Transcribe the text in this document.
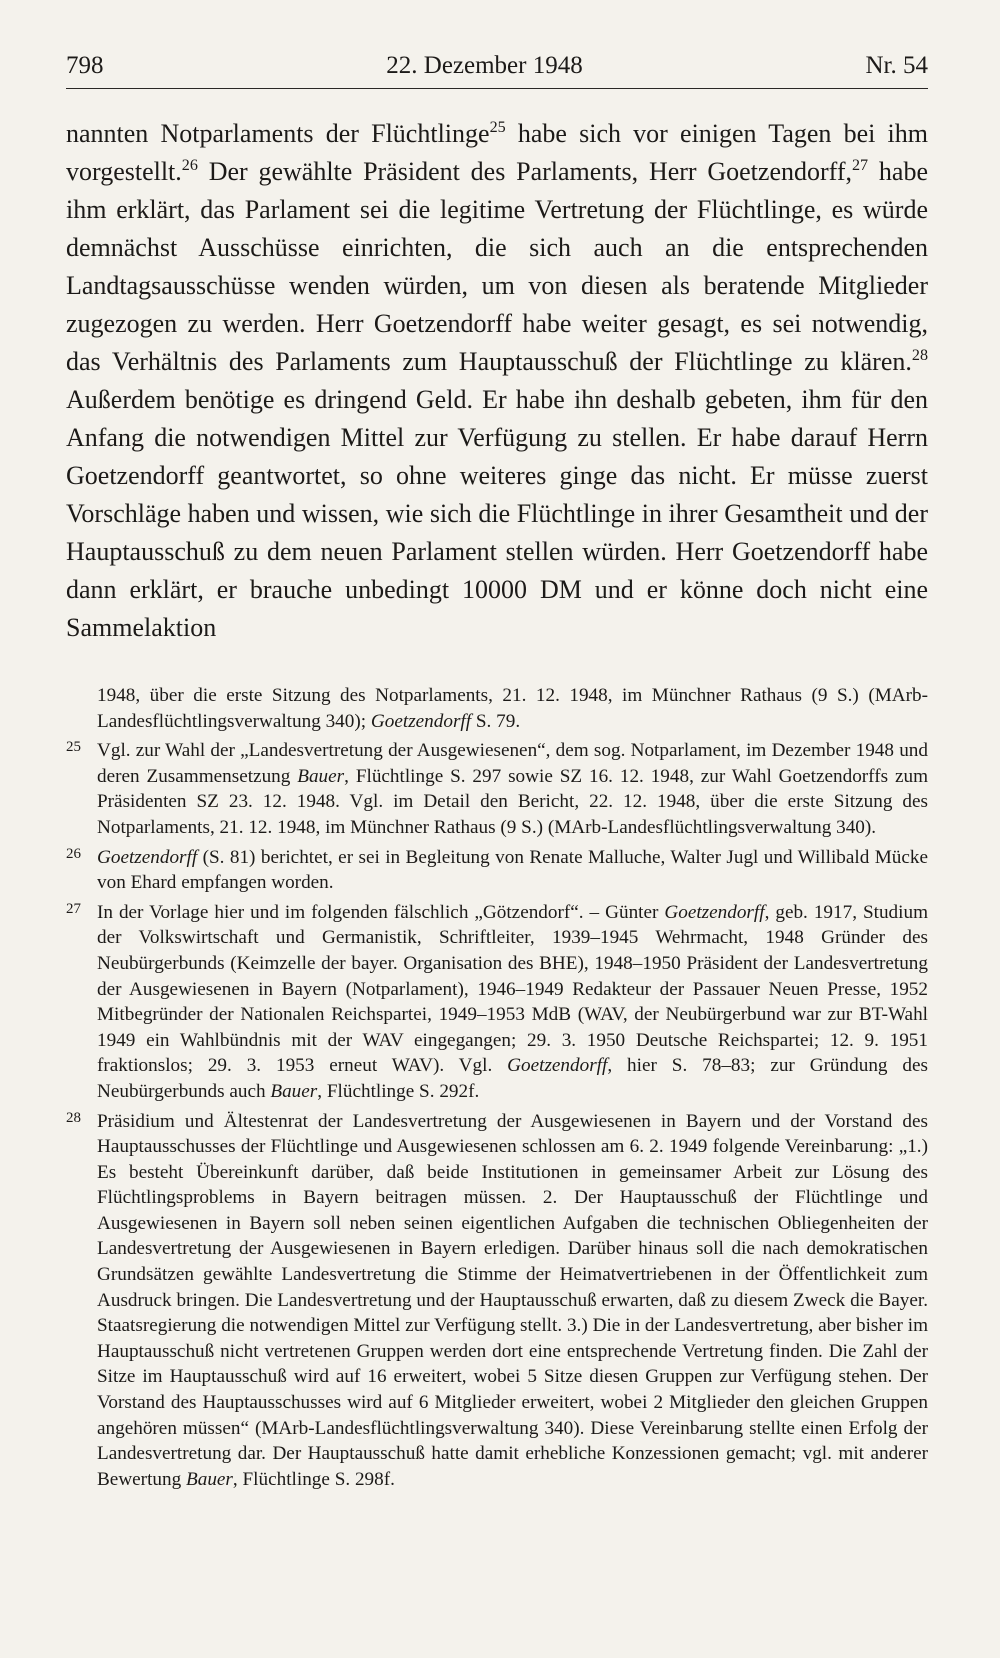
798	22. Dezember 1948	Nr. 54
nannten Notparlaments der Flüchtlinge$^{25}$ habe sich vor einigen Tagen bei ihm vorgestellt.$^{26}$ Der gewählte Präsident des Parlaments, Herr Goetzendorff,$^{27}$ habe ihm erklärt, das Parlament sei die legitime Vertretung der Flüchtlinge, es würde demnächst Ausschüsse einrichten, die sich auch an die entsprechenden Landtagsausschüsse wenden würden, um von diesen als beratende Mitglieder zugezogen zu werden. Herr Goetzendorff habe weiter gesagt, es sei notwendig, das Verhältnis des Parlaments zum Hauptausschuß der Flüchtlinge zu klären.$^{28}$ Außerdem benötige es dringend Geld. Er habe ihn deshalb gebeten, ihm für den Anfang die notwendigen Mittel zur Verfügung zu stellen. Er habe darauf Herrn Goetzendorff geantwortet, so ohne weiteres ginge das nicht. Er müsse zuerst Vorschläge haben und wissen, wie sich die Flüchtlinge in ihrer Gesamtheit und der Hauptausschuß zu dem neuen Parlament stellen würden. Herr Goetzendorff habe dann erklärt, er brauche unbedingt 10000 DM und er könne doch nicht eine Sammelaktion
1948, über die erste Sitzung des Notparlaments, 21. 12. 1948, im Münchner Rathaus (9 S.) (MArb-Landesflüchtlingsverwaltung 340); Goetzendorff S. 79.
25 Vgl. zur Wahl der „Landesvertretung der Ausgewiesenen“, dem sog. Notparlament, im Dezember 1948 und deren Zusammensetzung Bauer, Flüchtlinge S. 297 sowie SZ 16. 12. 1948, zur Wahl Goetzendorffs zum Präsidenten SZ 23. 12. 1948. Vgl. im Detail den Bericht, 22. 12. 1948, über die erste Sitzung des Notparlaments, 21. 12. 1948, im Münchner Rathaus (9 S.) (MArb-Landesflüchtlingsverwaltung 340).
26 Goetzendorff (S. 81) berichtet, er sei in Begleitung von Renate Malluche, Walter Jugl und Willibald Mücke von Ehard empfangen worden.
27 In der Vorlage hier und im folgenden fälschlich „Götzendorf“. – Günter Goetzendorff, geb. 1917, Studium der Volkswirtschaft und Germanistik, Schriftleiter, 1939–1945 Wehrmacht, 1948 Gründer des Neubürgerbunds (Keimzelle der bayer. Organisation des BHE), 1948–1950 Präsident der Landesvertretung der Ausgewiesenen in Bayern (Notparlament), 1946–1949 Redakteur der Passauer Neuen Presse, 1952 Mitbegründer der Nationalen Reichspartei, 1949–1953 MdB (WAV, der Neubürgerbund war zur BT-Wahl 1949 ein Wahlbündnis mit der WAV eingegangen; 29. 3. 1950 Deutsche Reichspartei; 12. 9. 1951 fraktionslos; 29. 3. 1953 erneut WAV). Vgl. Goetzendorff, hier S. 78–83; zur Gründung des Neubürgerbunds auch Bauer, Flüchtlinge S. 292f.
28 Präsidium und Ältestenrat der Landesvertretung der Ausgewiesenen in Bayern und der Vorstand des Hauptausschusses der Flüchtlinge und Ausgewiesenen schlossen am 6. 2. 1949 folgende Vereinbarung: „1.) Es besteht Übereinkunft darüber, daß beide Institutionen in gemeinsamer Arbeit zur Lösung des Flüchtlingsproblems in Bayern beitragen müssen. 2. Der Hauptausschuß der Flüchtlinge und Ausgewiesenen in Bayern soll neben seinen eigentlichen Aufgaben die technischen Obliegenheiten der Landesvertretung der Ausgewiesenen in Bayern erledigen. Darüber hinaus soll die nach demokratischen Grundsätzen gewählte Landesvertretung die Stimme der Heimatvertriebenen in der Öffentlichkeit zum Ausdruck bringen. Die Landesvertretung und der Hauptausschuß erwarten, daß zu diesem Zweck die Bayer. Staatsregierung die notwendigen Mittel zur Verfügung stellt. 3.) Die in der Landesvertretung, aber bisher im Hauptausschuß nicht vertretenen Gruppen werden dort eine entsprechende Vertretung finden. Die Zahl der Sitze im Hauptausschuß wird auf 16 erweitert, wobei 5 Sitze diesen Gruppen zur Verfügung stehen. Der Vorstand des Hauptausschusses wird auf 6 Mitglieder erweitert, wobei 2 Mitglieder den gleichen Gruppen angehören müssen“ (MArb-Landesflüchtlingsverwaltung 340). Diese Vereinbarung stellte einen Erfolg der Landesvertretung dar. Der Hauptausschuß hatte damit erhebliche Konzessionen gemacht; vgl. mit anderer Bewertung Bauer, Flüchtlinge S. 298f.
